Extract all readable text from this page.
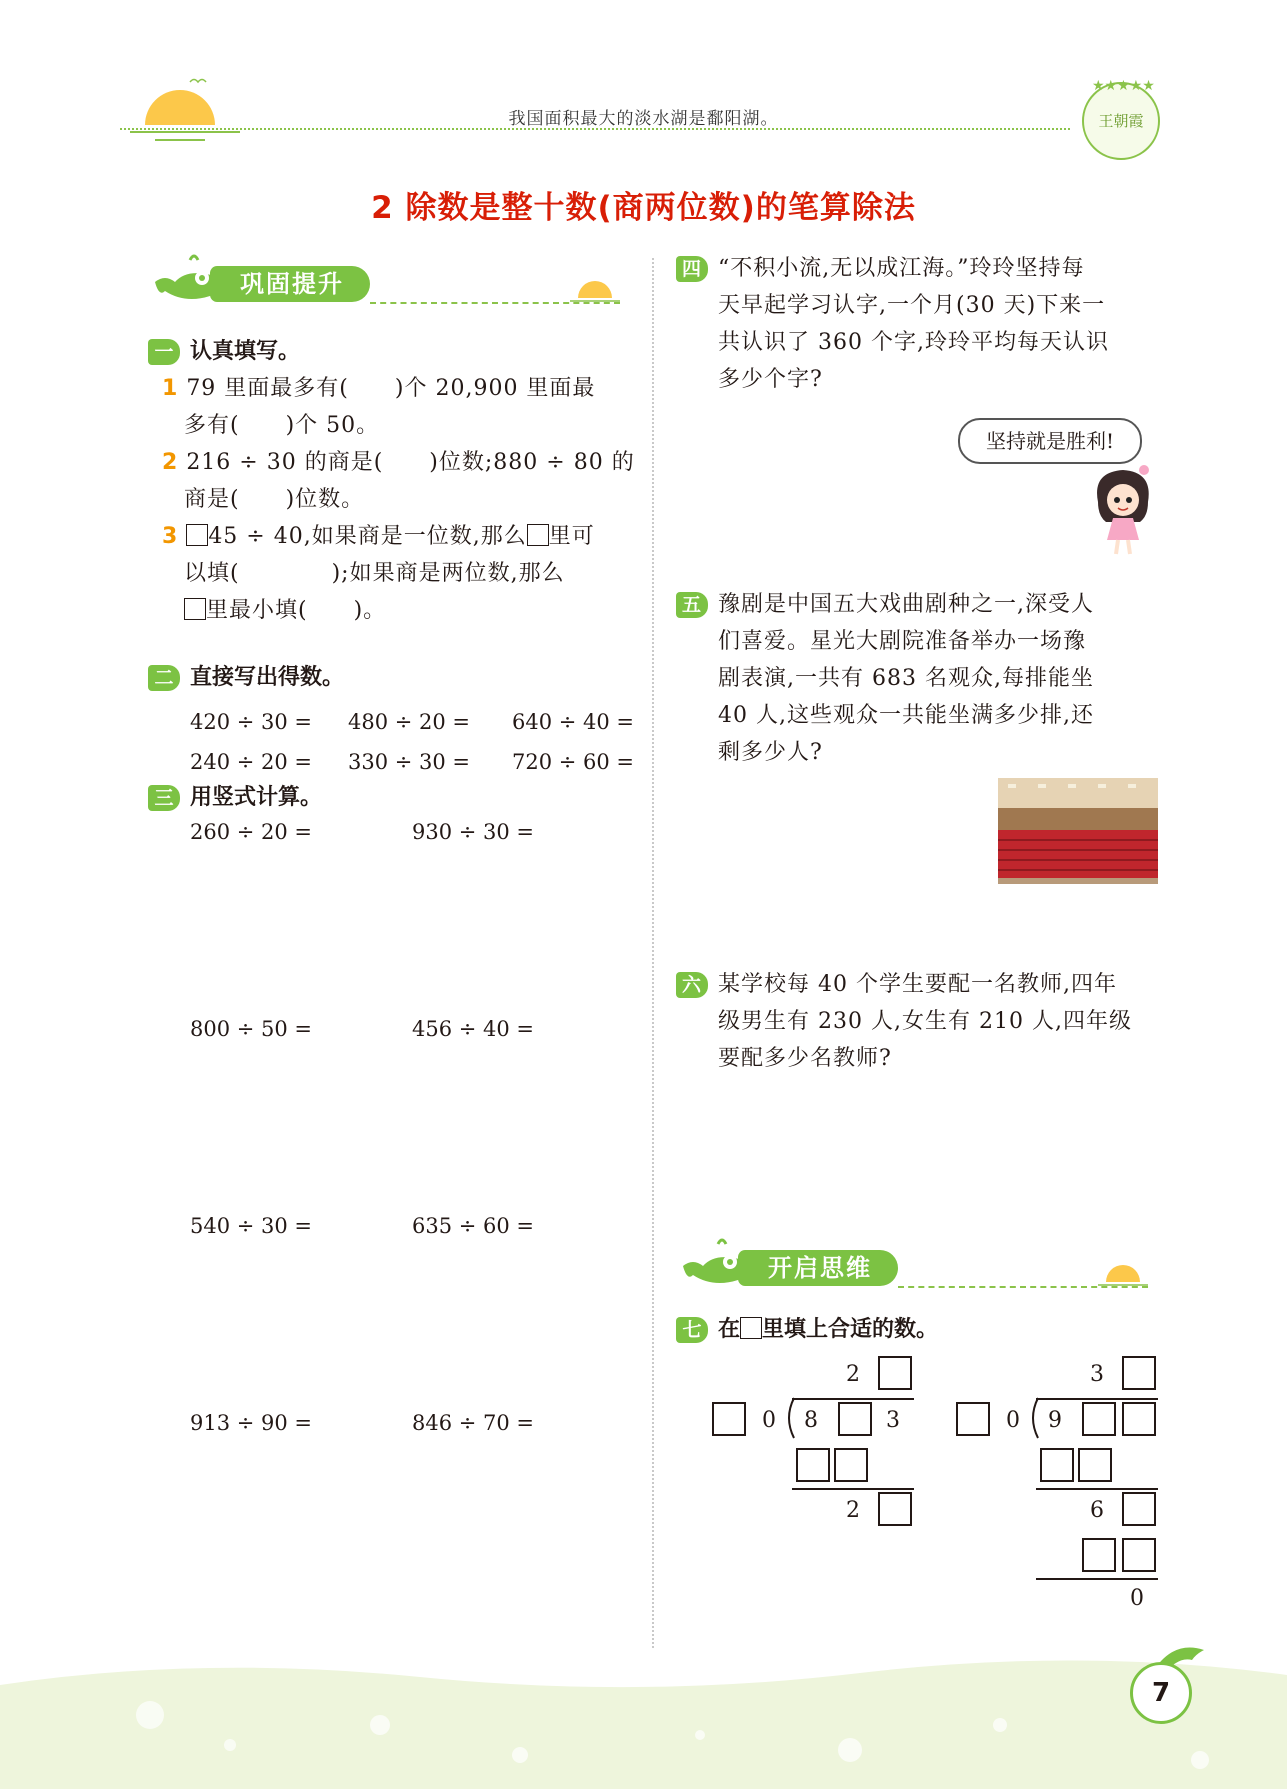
我国面积最大的淡水湖是鄱阳湖。
★★★★★
王朝霞
2 除数是整十数(商两位数)的笔算除法
巩固提升
一 认真填写。
1 79 里面最多有(　　)个 20,900 里面最
多有(　　)个 50。
2 216 ÷ 30 的商是(　　)位数;880 ÷ 80 的
商是(　　)位数。
3 45 ÷ 40,如果商是一位数,那么 里可
以填(　　　　);如果商是两位数,那么
里最小填(　　)。
二 直接写出得数。
420 ÷ 30 = 480 ÷ 20 = 640 ÷ 40 =
240 ÷ 20 = 330 ÷ 30 = 720 ÷ 60 =
三 用竖式计算。
260 ÷ 20 =	930 ÷ 30 =
800 ÷ 50 =	456 ÷ 40 =
540 ÷ 30 =	635 ÷ 60 =
913 ÷ 90 =	846 ÷ 70 =
四 “不积小流,无以成江海。”玲玲坚持每
天早起学习认字,一个月(30 天)下来一
共认识了 360 个字,玲玲平均每天认识
多少个字?
坚持就是胜利!
五 豫剧是中国五大戏曲剧种之一,深受人
们喜爱。星光大剧院准备举办一场豫
剧表演,一共有 683 名观众,每排能坐
40 人,这些观众一共能坐满多少排,还
剩多少人?
六 某学校每 40 个学生要配一名教师,四年
级男生有 230 人,女生有 210 人,四年级
要配多少名教师?
开启思维
七 在 里填上合适的数。
2
0 8	3
2
3
0 9
6
0
7
